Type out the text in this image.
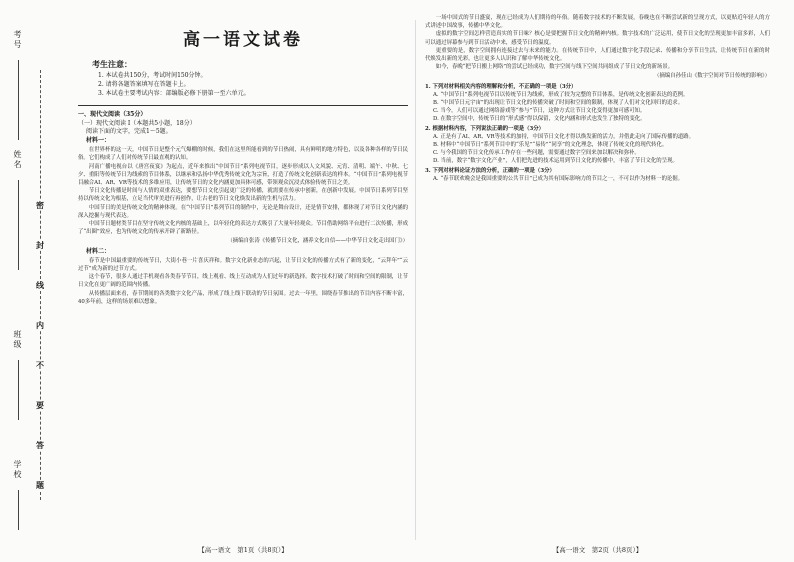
考号
姓名
班级
学校
密
封
线
内
不
要
答
题
高一语文试卷
考生注意：
1. 本试卷共150分，考试时间150分钟。
2. 请将各题答案填写在答题卡上。
3. 本试卷主要考试内容：部编版必修下册第一至六单元。
一、现代文阅读（35分）
（一）现代文阅读 I（本题共5小题，18分）
阅读下面的文字，完成1～5题。
材料一：

在世界杯的这一天，中国节日是整个元气爆棚的时候，我们在这里所能看到的节日热闹，具有鲜明的地方特色，以及各种各样的节日民俗。它们构成了人们对传统节日最直观的认知。

河南广播电视台以《唐宫夜宴》为起点，近年来推出“中国节日”系列电视节目，逐步形成以人文风貌、元宵、清明、端午、中秋、七夕、重阳等传统节日为线索的节目体系，以继承和弘扬中华优秀传统文化为宗旨，打造了传统文化创新表达的样本。“中国节日”系列电视节目融合AI、AR、VR等技术的多维应用，让传统节日的文化内涵更加具体可感，带领观众沉浸式体验传统节日之美。

节日文化传播是时间与人情的双重表达，要想节日文化引起更广泛的传播，就需要在传承中创新，在创新中发展。中国节日系列节目坚持以传统文化为根基，立足当代审美进行再创作，让古老的节日文化焕发出新的生机与活力。

中国节日的美是传统文化的精神体现。在“中国节日”系列节目的制作中，无论是舞台设计，还是情节安排，都体现了对节日文化内涵的深入挖掘与现代表达。

中国节日题材类节目在坚守传统文化内核的基础上，以年轻化的表达方式吸引了大量年轻观众。节目借助网络平台进行二次传播，形成了“出圈”效应，也为传统文化的传承开辟了新路径。

（摘编自张涛《传播节日文化，涵养文化自信——中华节日文化走出国门》）
材料二：

春节是中国最重要的传统节日，大街小巷一片喜庆祥和。数字文化新业态的兴起，让节日文化的传播方式有了新的变化，“云拜年”“云过节”成为新的过节方式。

这个春节，很多人通过手机观看各类春节节目，线上观看、线上互动成为人们过年的新选择。数字技术打破了时间和空间的限制，让节日文化在更广阔的范围内传播。

从传播层面来看，春节期间的各类数字文化产品，形成了线上线下联动的节日氛围。过去一年里，围绕春节推出的节目内容不断丰富，40多年前，这样的场景难以想象。

【高一语文　第1页（共8页）】

一场中国式的节日盛宴，现在已经成为人们期待的年俗。随着数字技术的不断发展，春晚也在不断尝试新的呈现方式，以更贴近年轻人的方式讲述中国故事，传播中华文化。

虚拟的数字空间怎样营造真实的节日味？核心是要把握节日文化的精神内核。数字技术的广泛运用，使节日文化的呈现更加丰富多彩，人们可以通过屏幕参与到节日活动中来，感受节日的温度。

更重要的是，数字空间拥有连接过去与未来的能力。在传统节日中，人们通过数字化手段记录、传播和分享节日生活，让传统节日在新的时代焕发出新的光彩，也让更多人认识和了解中华传统文化。

如今，春晚“把节日搬上网络”的尝试已经成功，数字空间与线下空间共同组成了节日文化的新场景。

（摘编自孙佳山《数字空间对节日传统的影响》）
1. 下列对材料相关内容的理解和分析，不正确的一项是（3分）
A. “中国节日”系列电视节目以传统节日为线索，形成了较为完整的节目体系，是传统文化创新表达的范例。
B. “中国节日元宇宙”的出现让节日文化的传播突破了时间和空间的限制，体现了人们对文化回归的追求。
C. 当今，人们可以通过网络游戏等“参与”节日，这种方式让节日文化变得更加可感可知。
D. 在数字空间中，传统节日的“形式感”得以保留，文化内涵和形式也发生了独特的变化。
2. 根据材料内容，下列说法正确的一项是（3分）
A. 正是有了AI、AR、VR等技术的加持，中国节日文化才得以焕发新的活力，并借此走向了国际传播的道路。
B. 材料中“中国节日”系列节目中的“乐见”“易传”“同享”的文化理念，体现了传统文化的现代转化。
C. 与今我国的节日文化传承工作存在一些问题，需要通过数字空间来加以解决和弥补。
D. 当前，数字“数字文化产业”，人们把先进的技术运用到节日文化的传播中，丰富了节日文化的呈现。
3. 下列对材料论证方法的分析，正确的一项是（3分）
A. “春节联欢晚会是我国重要的公共节日”已成为其有国际影响力的节目之一，不可以作为材料一的论据。
【高一语文　第2页（共8页）】
